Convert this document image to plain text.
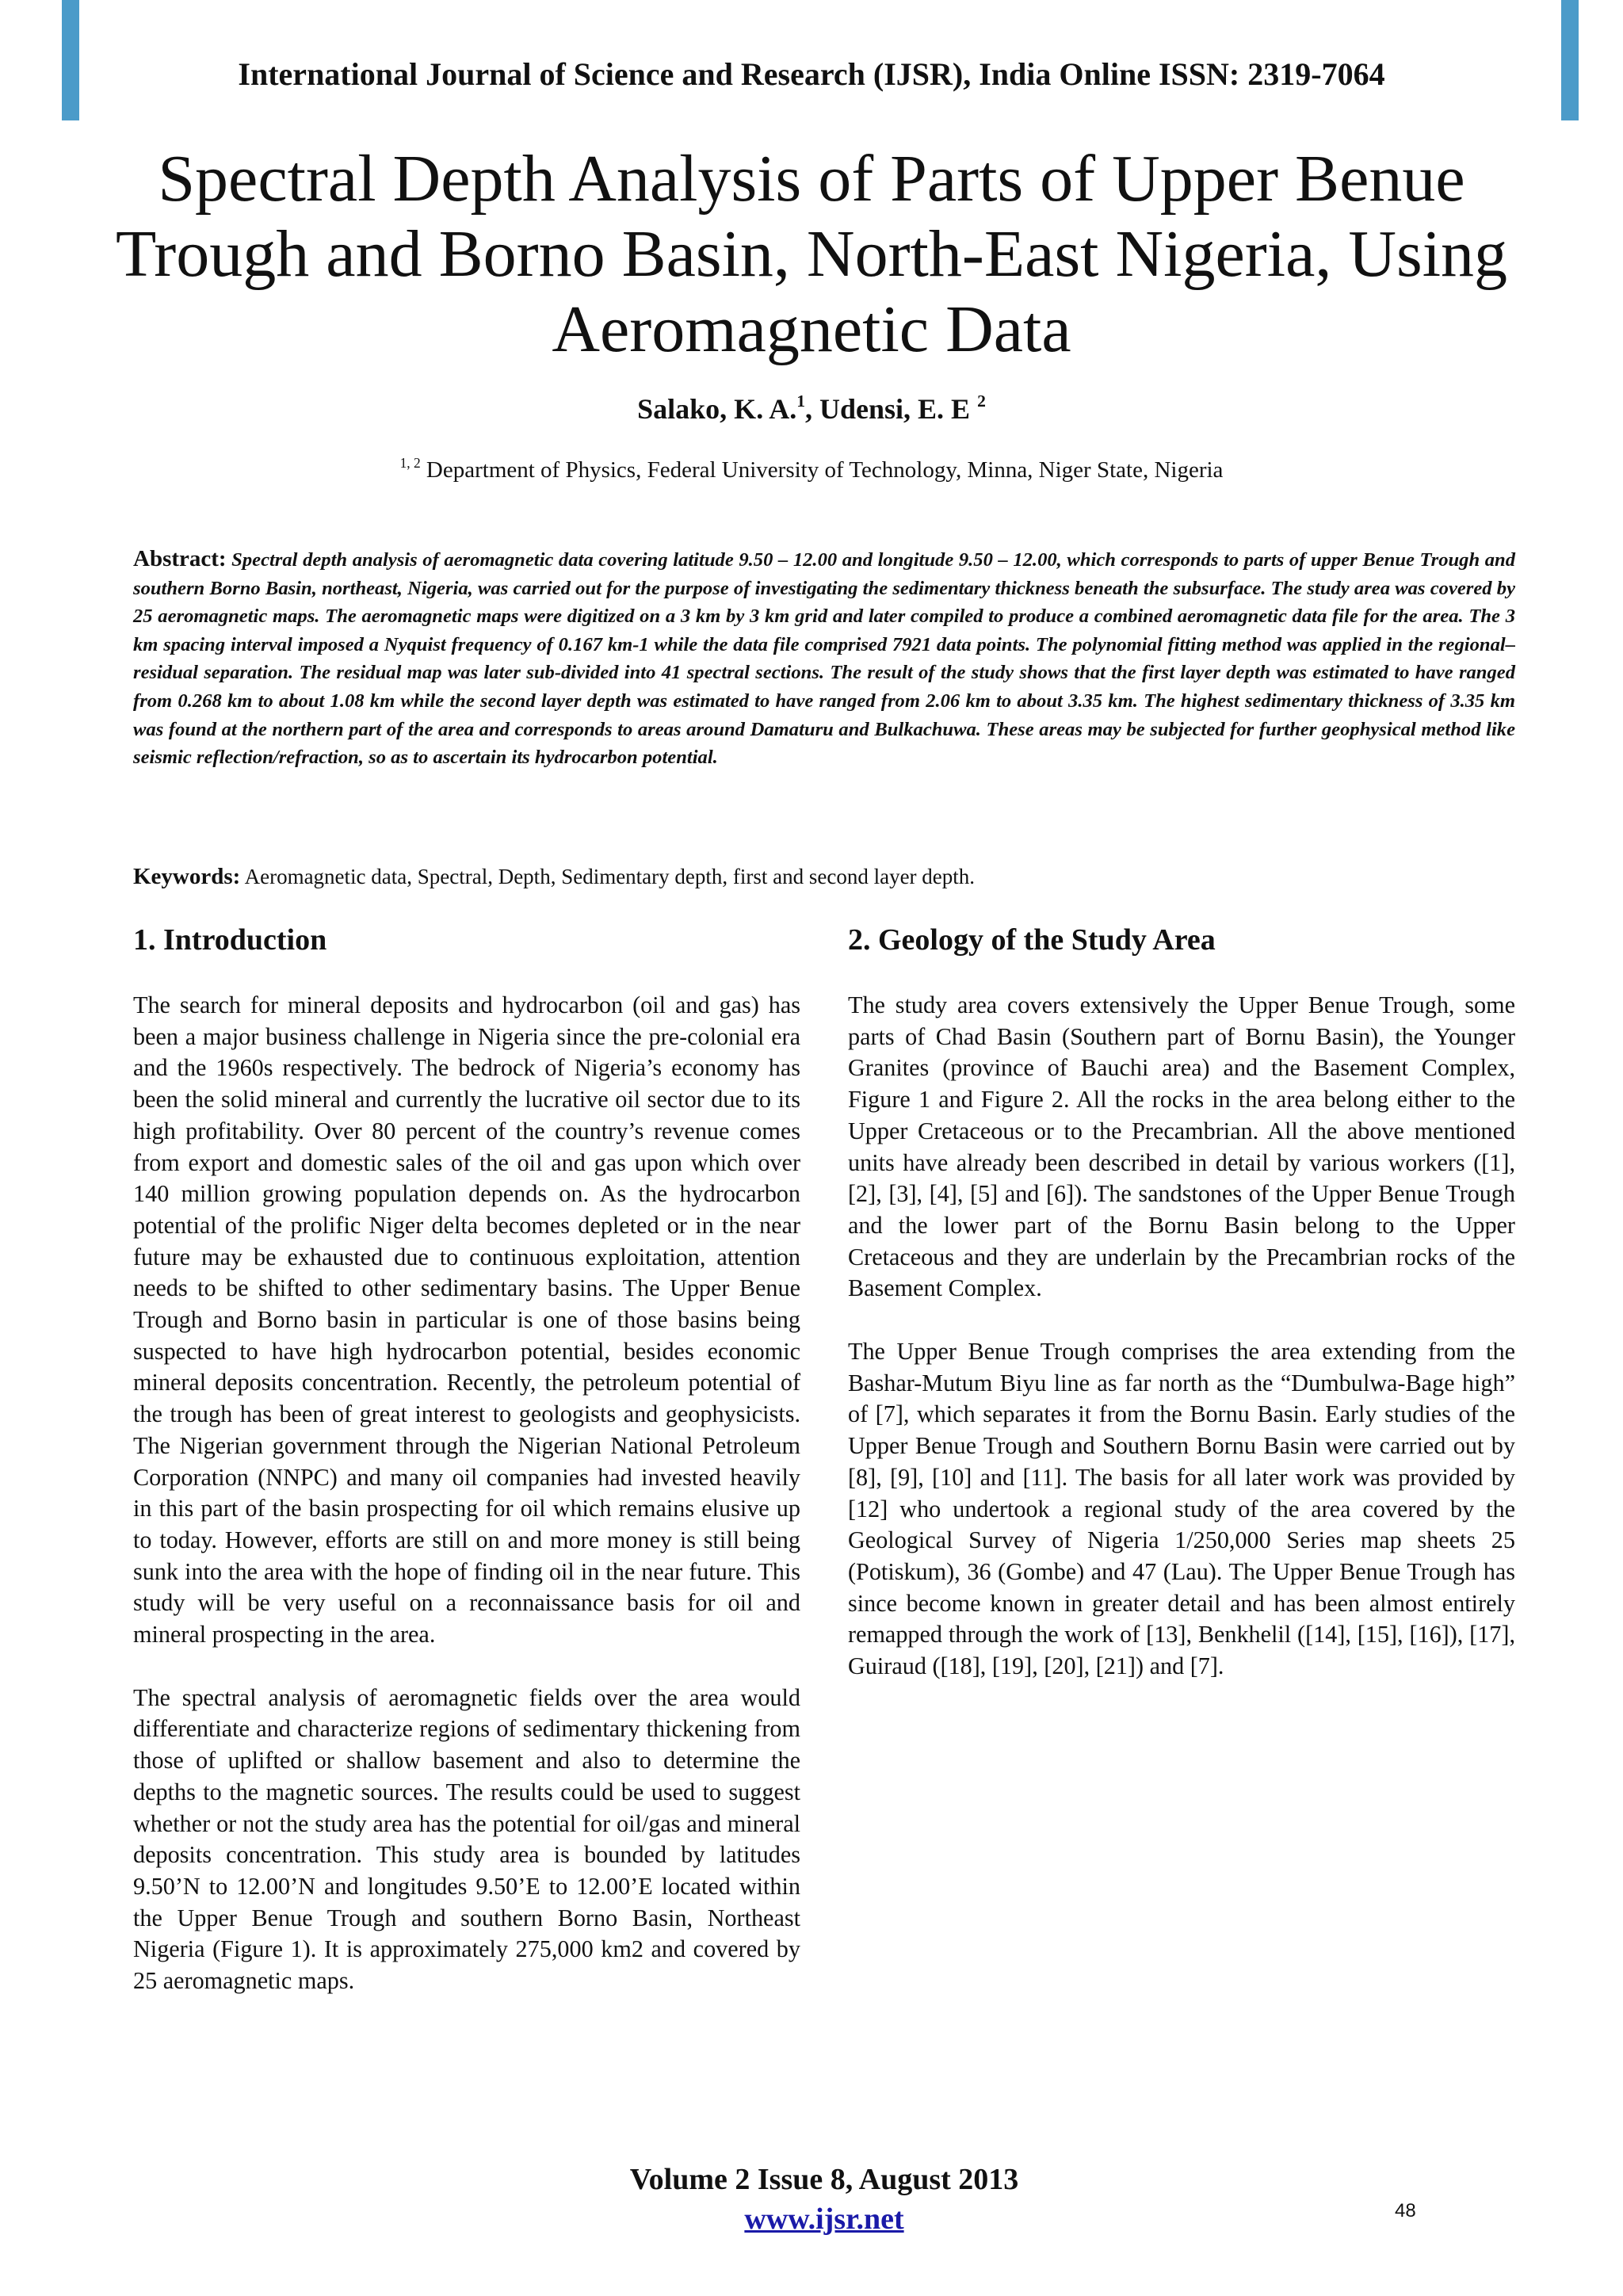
International Journal of Science and Research (IJSR), India Online ISSN: 2319-7064

Spectral Depth Analysis of Parts of Upper Benue Trough and Borno Basin, North-East Nigeria, Using Aeromagnetic Data

Salako, K. A.$^1$, Udensi, E. E $^2$

$^{1, 2}$ Department of Physics, Federal University of Technology, Minna, Niger State, Nigeria

Abstract: Spectral depth analysis of aeromagnetic data covering latitude 9.50 – 12.00 and longitude 9.50 – 12.00, which corresponds to parts of upper Benue Trough and southern Borno Basin, northeast, Nigeria, was carried out for the purpose of investigating the sedimentary thickness beneath the subsurface. The study area was covered by 25 aeromagnetic maps. The aeromagnetic maps were digitized on a 3 km by 3 km grid and later compiled to produce a combined aeromagnetic data file for the area. The 3 km spacing interval imposed a Nyquist frequency of 0.167 km-1 while the data file comprised 7921 data points. The polynomial fitting method was applied in the regional–residual separation. The residual map was later sub-divided into 41 spectral sections. The result of the study shows that the first layer depth was estimated to have ranged from 0.268 km to about 1.08 km while the second layer depth was estimated to have ranged from 2.06 km to about 3.35 km. The highest sedimentary thickness of 3.35 km was found at the northern part of the area and corresponds to areas around Damaturu and Bulkachuwa. These areas may be subjected for further geophysical method like seismic reflection/refraction, so as to ascertain its hydrocarbon potential.

Keywords: Aeromagnetic data, Spectral, Depth, Sedimentary depth, first and second layer depth.

1. Introduction

The search for mineral deposits and hydrocarbon (oil and gas) has been a major business challenge in Nigeria since the pre-colonial era and the 1960s respectively. The bedrock of Nigeria’s economy has been the solid mineral and currently the lucrative oil sector due to its high profitability. Over 80 percent of the country’s revenue comes from export and domestic sales of the oil and gas upon which over 140 million growing population depends on. As the hydrocarbon potential of the prolific Niger delta becomes depleted or in the near future may be exhausted due to continuous exploitation, attention needs to be shifted to other sedimentary basins. The Upper Benue Trough and Borno basin in particular is one of those basins being suspected to have high hydrocarbon potential, besides economic mineral deposits concentration. Recently, the petroleum potential of the trough has been of great interest to geologists and geophysicists. The Nigerian government through the Nigerian National Petroleum Corporation (NNPC) and many oil companies had invested heavily in this part of the basin prospecting for oil which remains elusive up to today. However, efforts are still on and more money is still being sunk into the area with the hope of finding oil in the near future. This study will be very useful on a reconnaissance basis for oil and mineral prospecting in the area.

The spectral analysis of aeromagnetic fields over the area would differentiate and characterize regions of sedimentary thickening from those of uplifted or shallow basement and also to determine the depths to the magnetic sources. The results could be used to suggest whether or not the study area has the potential for oil/gas and mineral deposits concentration. This study area is bounded by latitudes 9.50’N to 12.00’N and longitudes 9.50’E to 12.00’E located within the Upper Benue Trough and southern Borno Basin, Northeast Nigeria (Figure 1). It is approximately 275,000 km2 and covered by 25 aeromagnetic maps.

2. Geology of the Study Area

The study area covers extensively the Upper Benue Trough, some parts of Chad Basin (Southern part of Bornu Basin), the Younger Granites (province of Bauchi area) and the Basement Complex, Figure 1 and Figure 2. All the rocks in the area belong either to the Upper Cretaceous or to the Precambrian. All the above mentioned units have already been described in detail by various workers ([1], [2], [3], [4], [5] and [6]). The sandstones of the Upper Benue Trough and the lower part of the Bornu Basin belong to the Upper Cretaceous and they are underlain by the Precambrian rocks of the Basement Complex.

The Upper Benue Trough comprises the area extending from the Bashar-Mutum Biyu line as far north as the “Dumbulwa-Bage high” of [7], which separates it from the Bornu Basin. Early studies of the Upper Benue Trough and Southern Bornu Basin were carried out by [8], [9], [10] and [11]. The basis for all later work was provided by [12] who undertook a regional study of the area covered by the Geological Survey of Nigeria 1/250,000 Series map sheets 25 (Potiskum), 36 (Gombe) and 47 (Lau). The Upper Benue Trough has since become known in greater detail and has been almost entirely remapped through the work of [13], Benkhelil ([14], [15], [16]), [17], Guiraud ([18], [19], [20], [21]) and [7].

Volume 2 Issue 8, August 2013

www.ijsr.net	48
